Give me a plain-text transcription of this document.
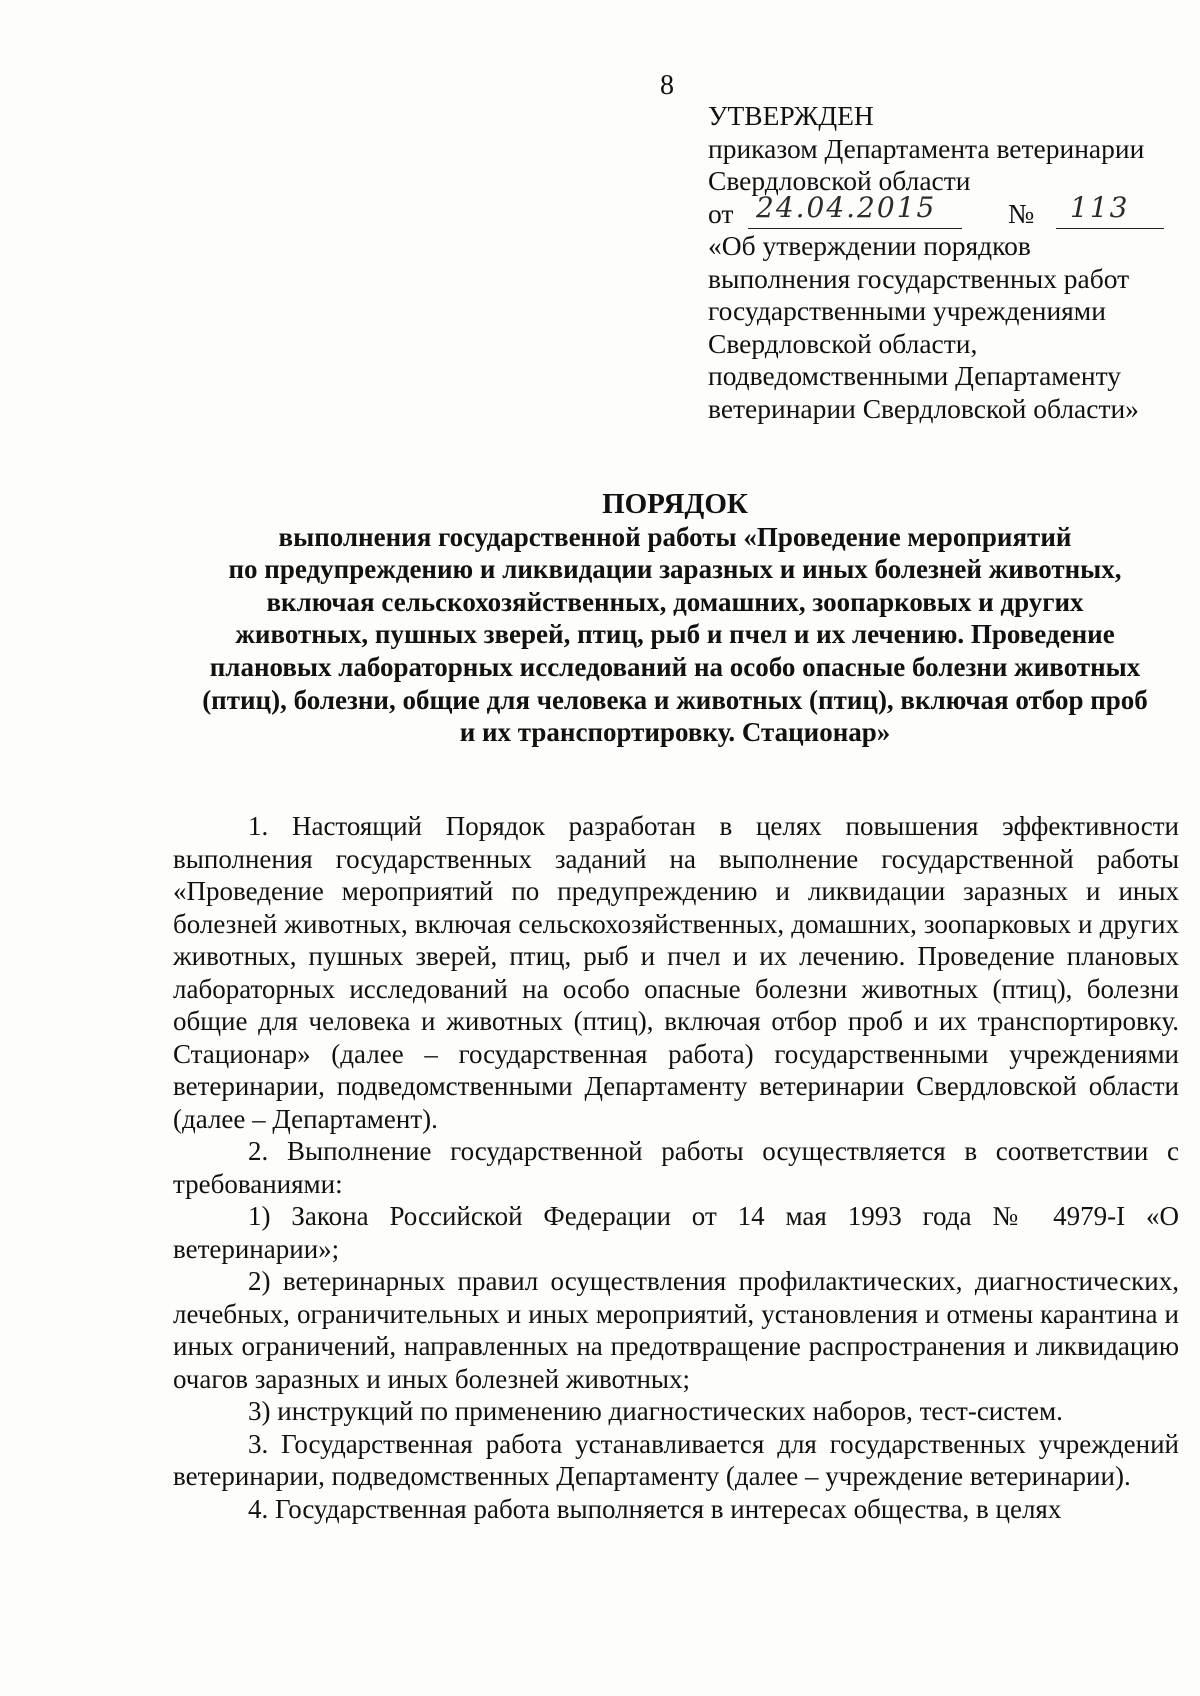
8
УТВЕРЖДЕН
приказом Департамента ветеринарии
Свердловской области
от 24.04.2015	№ 113
«Об утверждении порядков
выполнения государственных работ
государственными учреждениями
Свердловской области,
подведомственными Департаменту
ветеринарии Свердловской области»
ПОРЯДОК
выполнения государственной работы «Проведение мероприятий
по предупреждению и ликвидации заразных и иных болезней животных,
включая сельскохозяйственных, домашних, зоопарковых и других
животных, пушных зверей, птиц, рыб и пчел и их лечению. Проведение
плановых лабораторных исследований на особо опасные болезни животных
(птиц), болезни, общие для человека и животных (птиц), включая отбор проб
и их транспортировку. Стационар»

1. Настоящий Порядок разработан в целях повышения эффективности выполнения государственных заданий на выполнение государственной работы «Проведение мероприятий по предупреждению и ликвидации заразных и иных болезней животных, включая сельскохозяйственных, домашних, зоопарковых и других животных, пушных зверей, птиц, рыб и пчел и их лечению. Проведение плановых лабораторных исследований на особо опасные болезни животных (птиц), болезни общие для человека и животных (птиц), включая отбор проб и их транспортировку. Стационар» (далее – государственная работа) государственными учреждениями ветеринарии, подведомственными Департаменту ветеринарии Свердловской области (далее – Департамент).

2. Выполнение государственной работы осуществляется в соответствии с требованиями:

1) Закона Российской Федерации от 14 мая 1993 года № 4979-I «О ветеринарии»;

2) ветеринарных правил осуществления профилактических, диагностических, лечебных, ограничительных и иных мероприятий, установления и отмены карантина и иных ограничений, направленных на предотвращение распространения и ликвидацию очагов заразных и иных болезней животных;

3) инструкций по применению диагностических наборов, тест-систем.

3. Государственная работа устанавливается для государственных учреждений ветеринарии, подведомственных Департаменту (далее – учреждение ветеринарии).

4. Государственная работа выполняется в интересах общества, в целях
